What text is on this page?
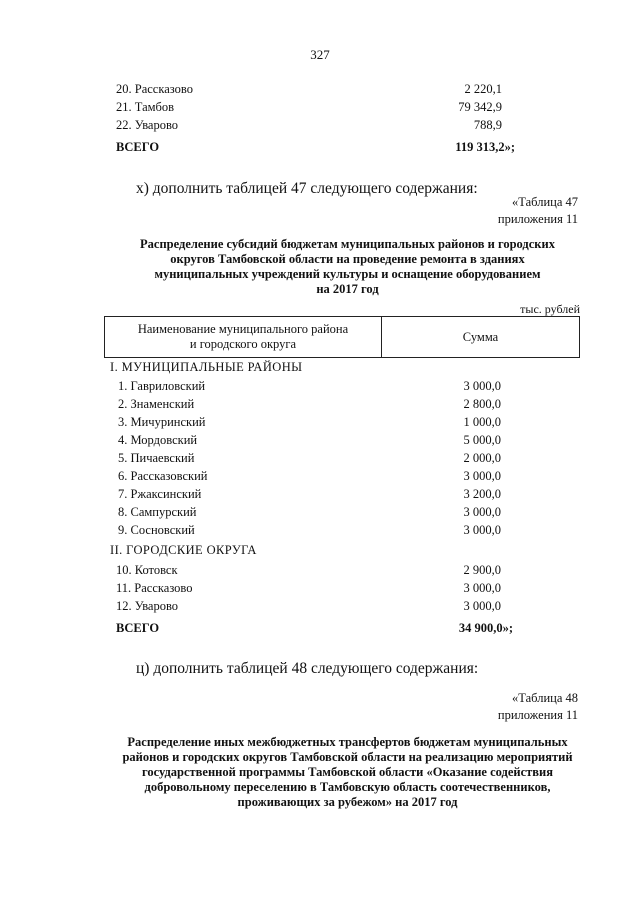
327
20. Рассказово	2 220,1
21. Тамбов	79 342,9
22. Уварово	788,9
ВСЕГО	119 313,2»;
х) дополнить таблицей 47 следующего содержания:
«Таблица 47
приложения 11
Распределение субсидий бюджетам муниципальных районов и городских
округов Тамбовской области на проведение ремонта в зданиях
муниципальных учреждений культуры и оснащение оборудованием
на 2017 год
тыс. рублей
Наименование муниципального района
и городского округа	Сумма
I. МУНИЦИПАЛЬНЫЕ РАЙОНЫ
1. Гавриловский	3 000,0
2. Знаменский	2 800,0
3. Мичуринский	1 000,0
4. Мордовский	5 000,0
5. Пичаевский	2 000,0
6. Рассказовский	3 000,0
7. Ржаксинский	3 200,0
8. Сампурский	3 000,0
9. Сосновский	3 000,0
II. ГОРОДСКИЕ ОКРУГА
10. Котовск	2 900,0
11. Рассказово	3 000,0
12. Уварово	3 000,0
ВСЕГО	34 900,0»;
ц) дополнить таблицей 48 следующего содержания:
«Таблица 48
приложения 11
Распределение иных межбюджетных трансфертов бюджетам муниципальных
районов и городских округов Тамбовской области на реализацию мероприятий
государственной программы Тамбовской области «Оказание содействия
добровольному переселению в Тамбовскую область соотечественников,
проживающих за рубежом» на 2017 год
